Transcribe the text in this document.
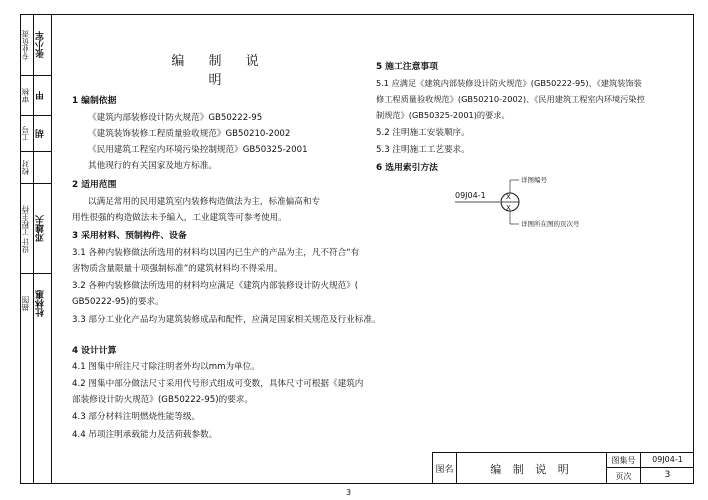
专业负责 张小军
审核 甲
工号 胡
校对
设计 工程主持 邓雄夫
描图 杜林惠
编 制 说 明
1 编制依据
《建筑内部装修设计防火规范》GB50222-95
《建筑装饰装修工程质量验收规范》GB50210-2002
《民用建筑工程室内环境污染控制规范》GB50325-2001
其他现行的有关国家及地方标准。
2 适用范围
以满足常用的民用建筑室内装修构造做法为主，标准偏高和专
用性很强的构造做法未予编入，工业建筑等可参考使用。
3 采用材料、预制构件、设备
3.1 各种内装修做法所选用的材料均以国内已生产的产品为主，凡不符合“有
害物质含量限量十项强制标准”的建筑材料均不得采用。
3.2 各种内装修做法所选用的材料均应满足《建筑内部装修设计防火规范》(
GB50222-95)的要求。
3.3 部分工业化产品均为建筑装修成品和配件，应满足国家相关规范及行业标准。
4 设计计算
4.1 图集中所注尺寸除注明者外均以mm为单位。
4.2 图集中部分做法尺寸采用代号形式组成可变数，具体尺寸可根据《建筑内
部装修设计防火规范》(GB50222-95)的要求。
4.3 部分材料注明燃烧性能等级。
4.4 吊项注明承载能力及活荷载参数。
5 施工注意事项
5.1 应满足《建筑内部装修设计防火规范》(GB50222-95)、《建筑装饰装
修工程质量验收规范》(GB50210-2002)、《民用建筑工程室内环境污染控
制规范》(GB50325-2001)的要求。
5.2 注明施工安装顺序。
5.3 注明施工工艺要求。
6 选用索引方法
09J04-1	X
X
详图编号
详图所在图的页次号
图名	编 制 说 明
图集号	09J04-1
页次	3
3
